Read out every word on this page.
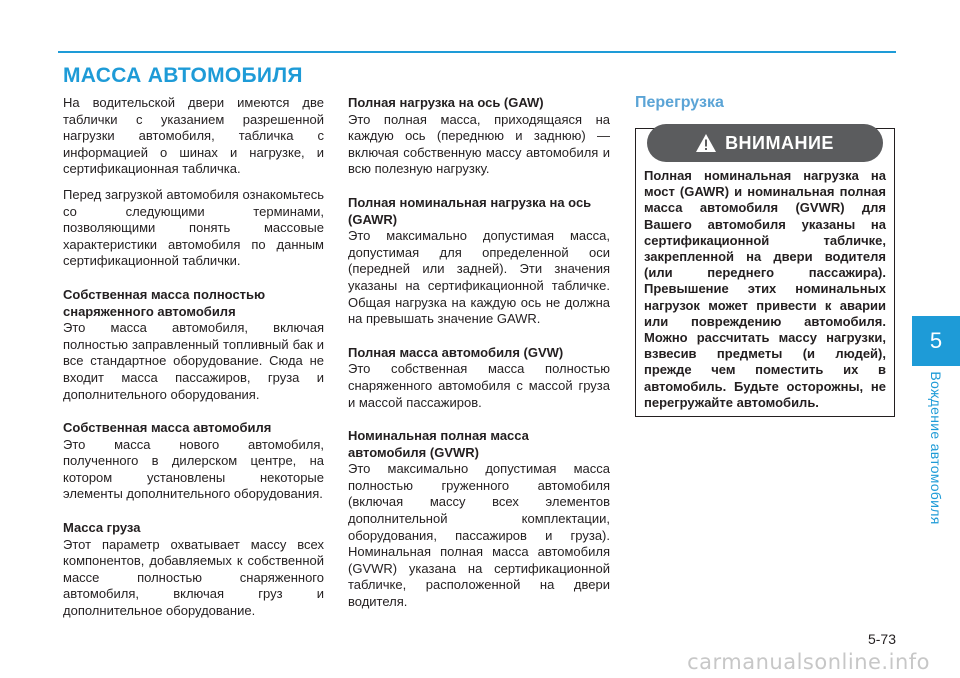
МАССА АВТОМОБИЛЯ

На водительской двери имеются две таблички с указанием разрешенной нагрузки автомобиля, табличка с информацией о шинах и нагрузке, и сертификационная табличка.

Перед загрузкой автомобиля ознакомьтесь со следующими терминами, позволяющими понять массовые характеристики автомобиля по данным сертификационной таблички.

Собственная масса полностью снаряженного автомобиля

Это масса автомобиля, включая полностью заправленный топливный бак и все стандартное оборудование. Сюда не входит масса пассажиров, груза и дополнительного оборудования.

Собственная масса автомобиля

Это масса нового автомобиля, полученного в дилерском центре, на котором установлены некоторые элементы дополнительного оборудования.

Масса груза

Этот параметр охватывает массу всех компонентов, добавляемых к собственной массе полностью снаряженного автомобиля, включая груз и дополнительное оборудование.

Полная нагрузка на ось (GAW)

Это полная масса, приходящаяся на каждую ось (переднюю и заднюю) — включая собственную массу автомобиля и всю полезную нагрузку.

Полная номинальная нагрузка на ось (GAWR)

Это максимально допустимая масса, допустимая для определенной оси (передней или задней). Эти значения указаны на сертификационной табличке. Общая нагрузка на каждую ось не должна на превышать значение GAWR.

Полная масса автомобиля (GVW)

Это собственная масса полностью снаряженного автомобиля с массой груза и массой пассажиров.

Номинальная полная масса автомобиля (GVWR)

Это максимально допустимая масса полностью груженного автомобиля (включая массу всех элементов дополнительной комплектации, оборудования, пассажиров и груза). Номинальная полная масса автомобиля (GVWR) указана на сертификационной табличке, расположенной на двери водителя.

Перегрузка
ВНИМАНИЕ

Полная номинальная нагрузка на мост (GAWR) и номинальная полная масса автомобиля (GVWR) для Вашего автомобиля указаны на сертификационной табличке, закрепленной на двери водителя (или переднего пассажира). Превышение этих номинальных нагрузок может привести к аварии или повреждению автомобиля. Можно рассчитать массу нагрузки, взвесив предметы (и людей), прежде чем поместить их в автомобиль. Будьте осторожны, не перегружайте автомобиль.

5
Вождение автомобиля
5-73
carmanualsonline.info
